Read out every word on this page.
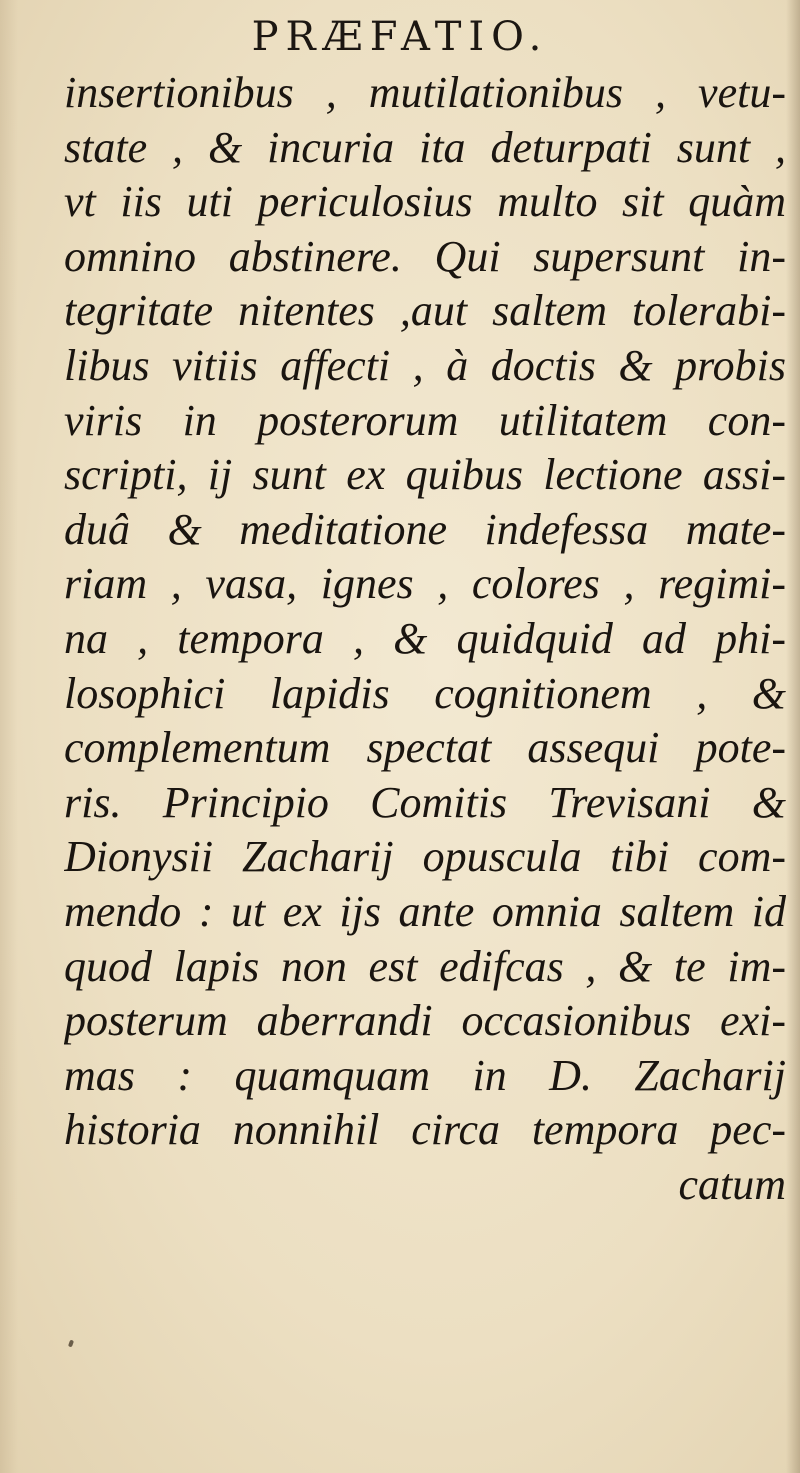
PRÆFATIO.
insertionibus , mutilationibus , vetu-
state , & incuria ita deturpati sunt ,
vt iis uti periculosius multo sit quàm
omnino abstinere. Qui supersunt in-
tegritate nitentes ,aut saltem tolerabi-
libus vitiis affecti , à doctis & probis
viris in posterorum utilitatem con-
scripti, ij sunt ex quibus lectione assi-
duâ & meditatione indefessa mate-
riam , vasa, ignes , colores , regimi-
na , tempora , & quidquid ad phi-
losophici lapidis cognitionem , &
complementum spectat assequi pote-
ris. Principio Comitis Trevisani &
Dionysii Zacharij opuscula tibi com-
mendo : ut ex ijs ante omnia saltem id
quod lapis non est edifcas , & te im-
posterum aberrandi occasionibus exi-
mas : quamquam in D. Zacharij
historia nonnihil circa tempora pec-
catum
